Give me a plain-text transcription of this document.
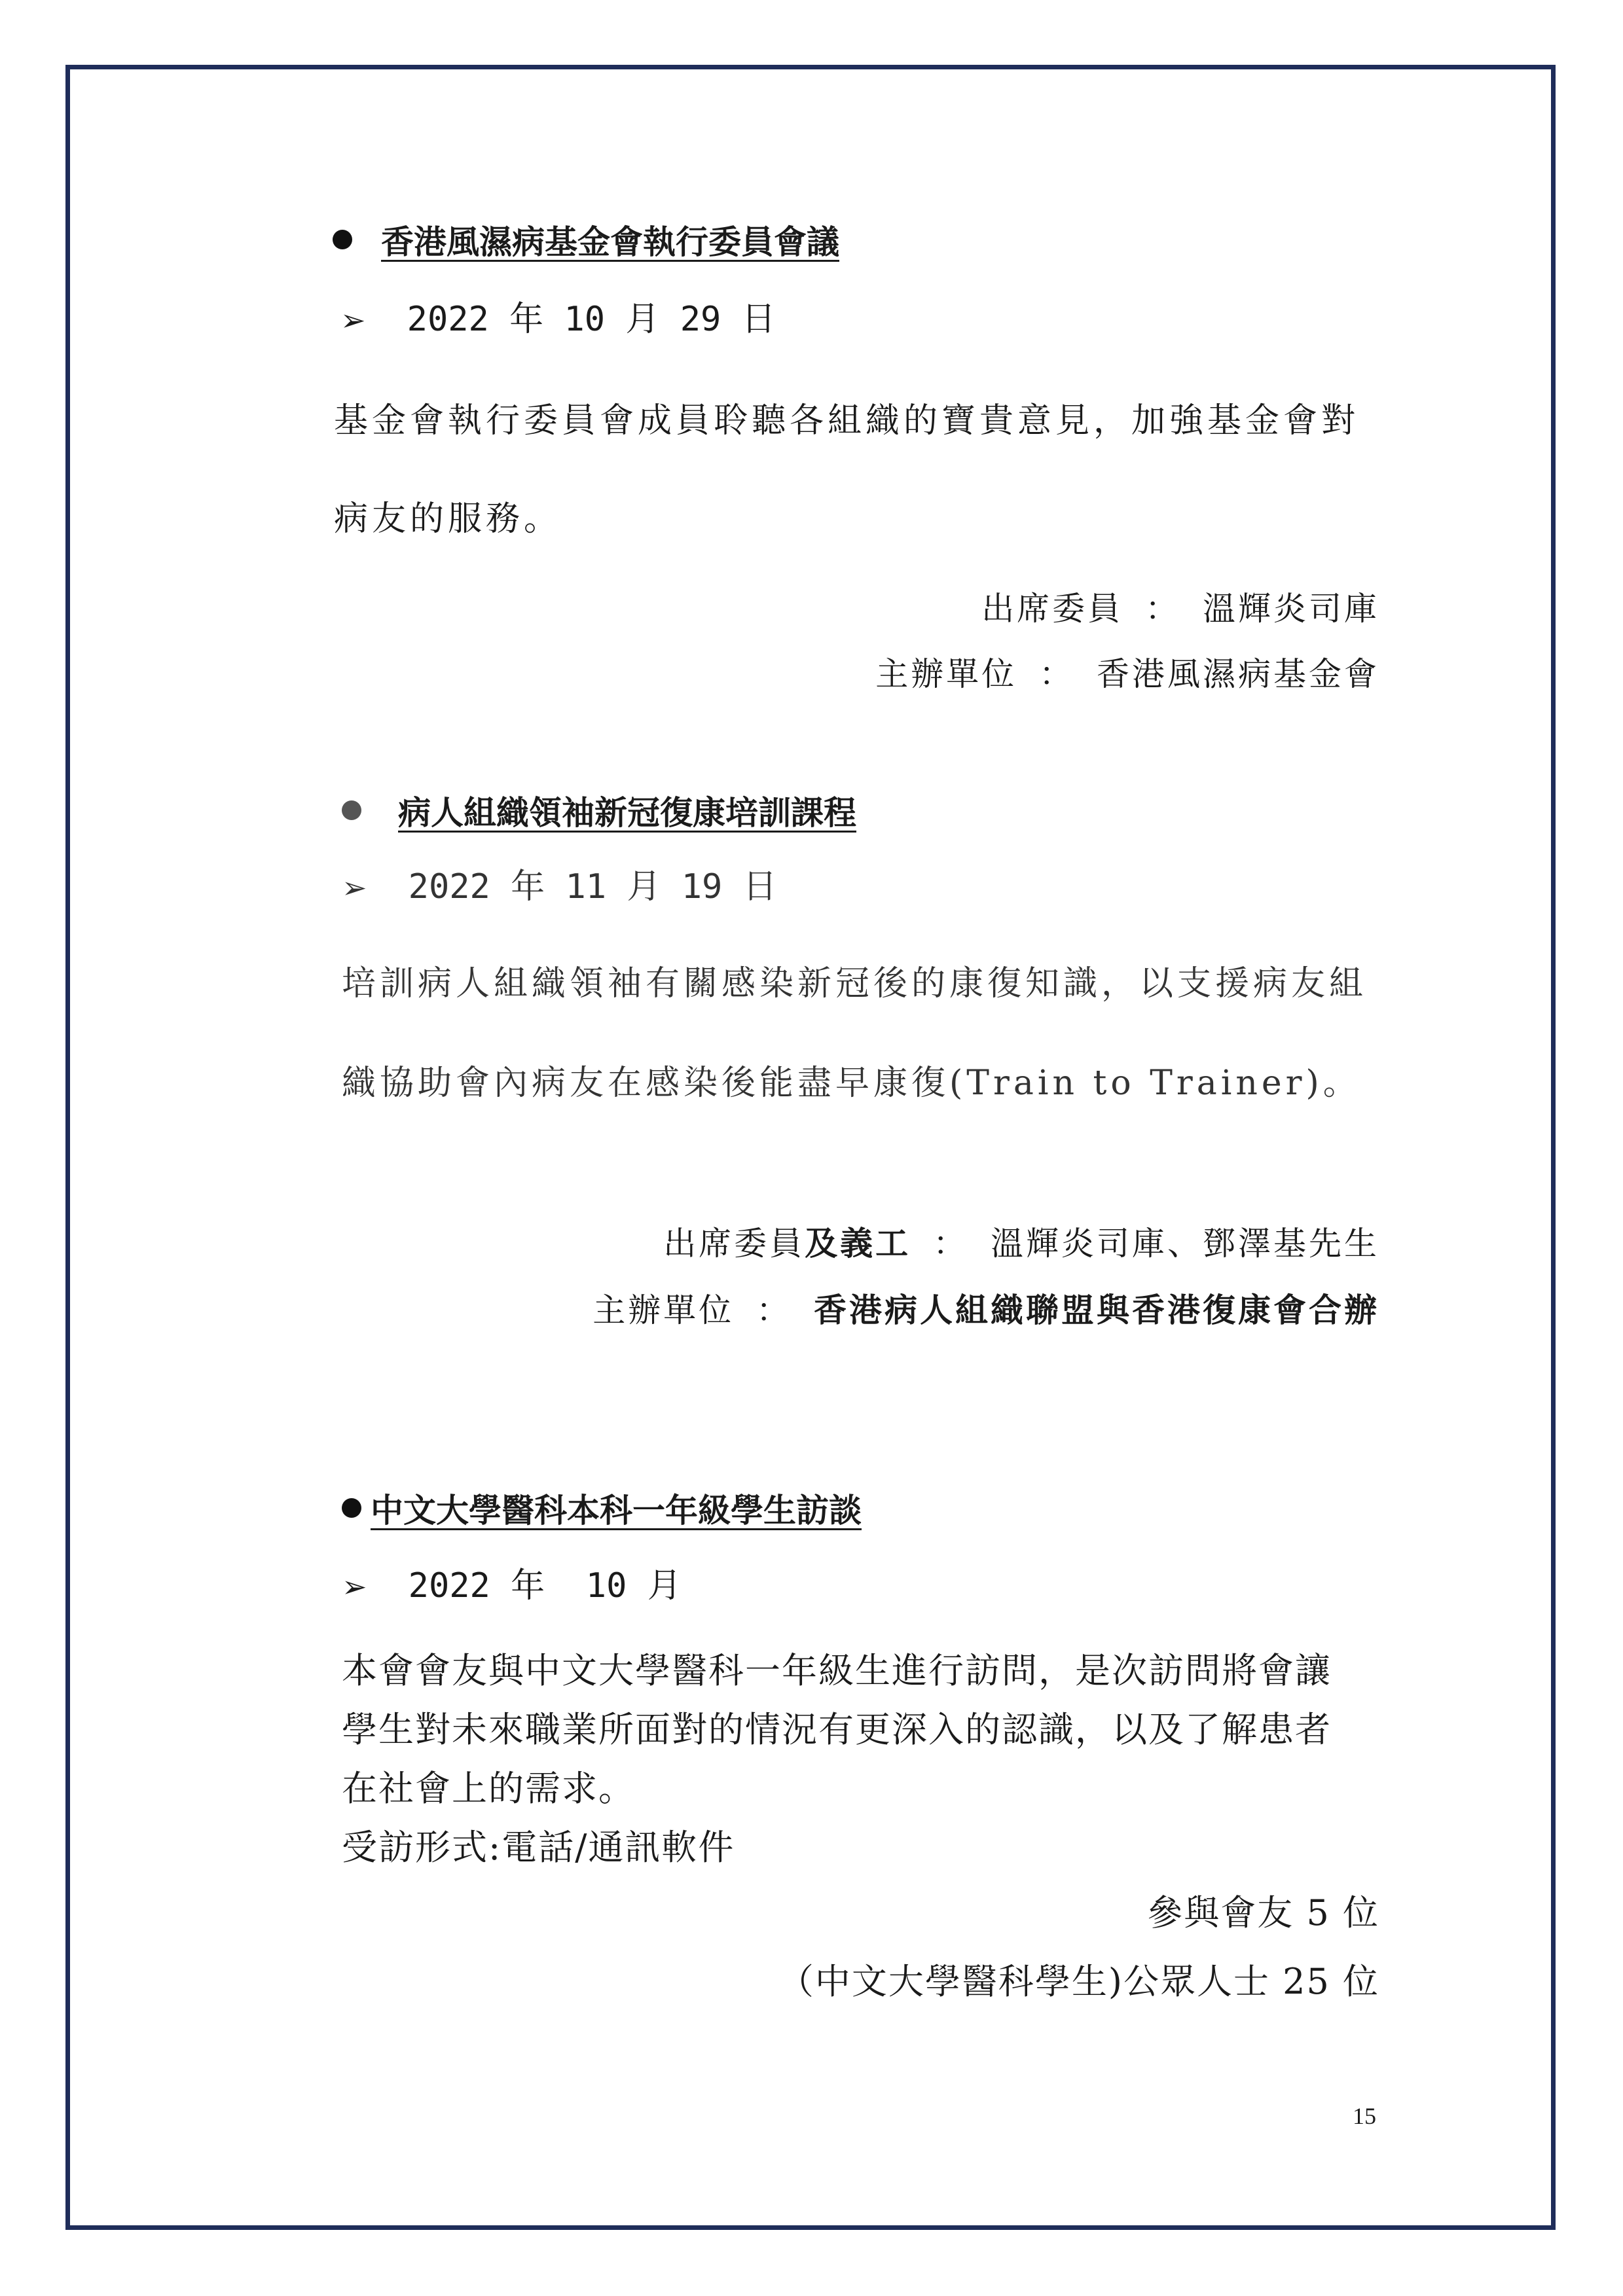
香港風濕病基金會執行委員會議
➢ 2022 年 10 月 29 日
基金會執行委員會成員聆聽各組織的寶貴意見，加強基金會對
病友的服務。
出席委員 ： 溫輝炎司庫
主辦單位 ： 香港風濕病基金會
病人組織領袖新冠復康培訓課程
➢ 2022 年 11 月 19 日
培訓病人組織領袖有關感染新冠後的康復知識，以支援病友組
織協助會內病友在感染後能盡早康復(Train to Trainer)。
出席委員及義工 ： 溫輝炎司庫、鄧澤基先生
主辦單位 ： 香港病人組織聯盟與香港復康會合辦
中文大學醫科本科一年級學生訪談
➢ 2022 年  10 月
本會會友與中文大學醫科一年級生進行訪問，是次訪問將會讓
學生對未來職業所面對的情況有更深入的認識，以及了解患者
在社會上的需求。
受訪形式:電話/通訊軟件
參與會友 5 位
（中文大學醫科學生)公眾人士 25 位
15
